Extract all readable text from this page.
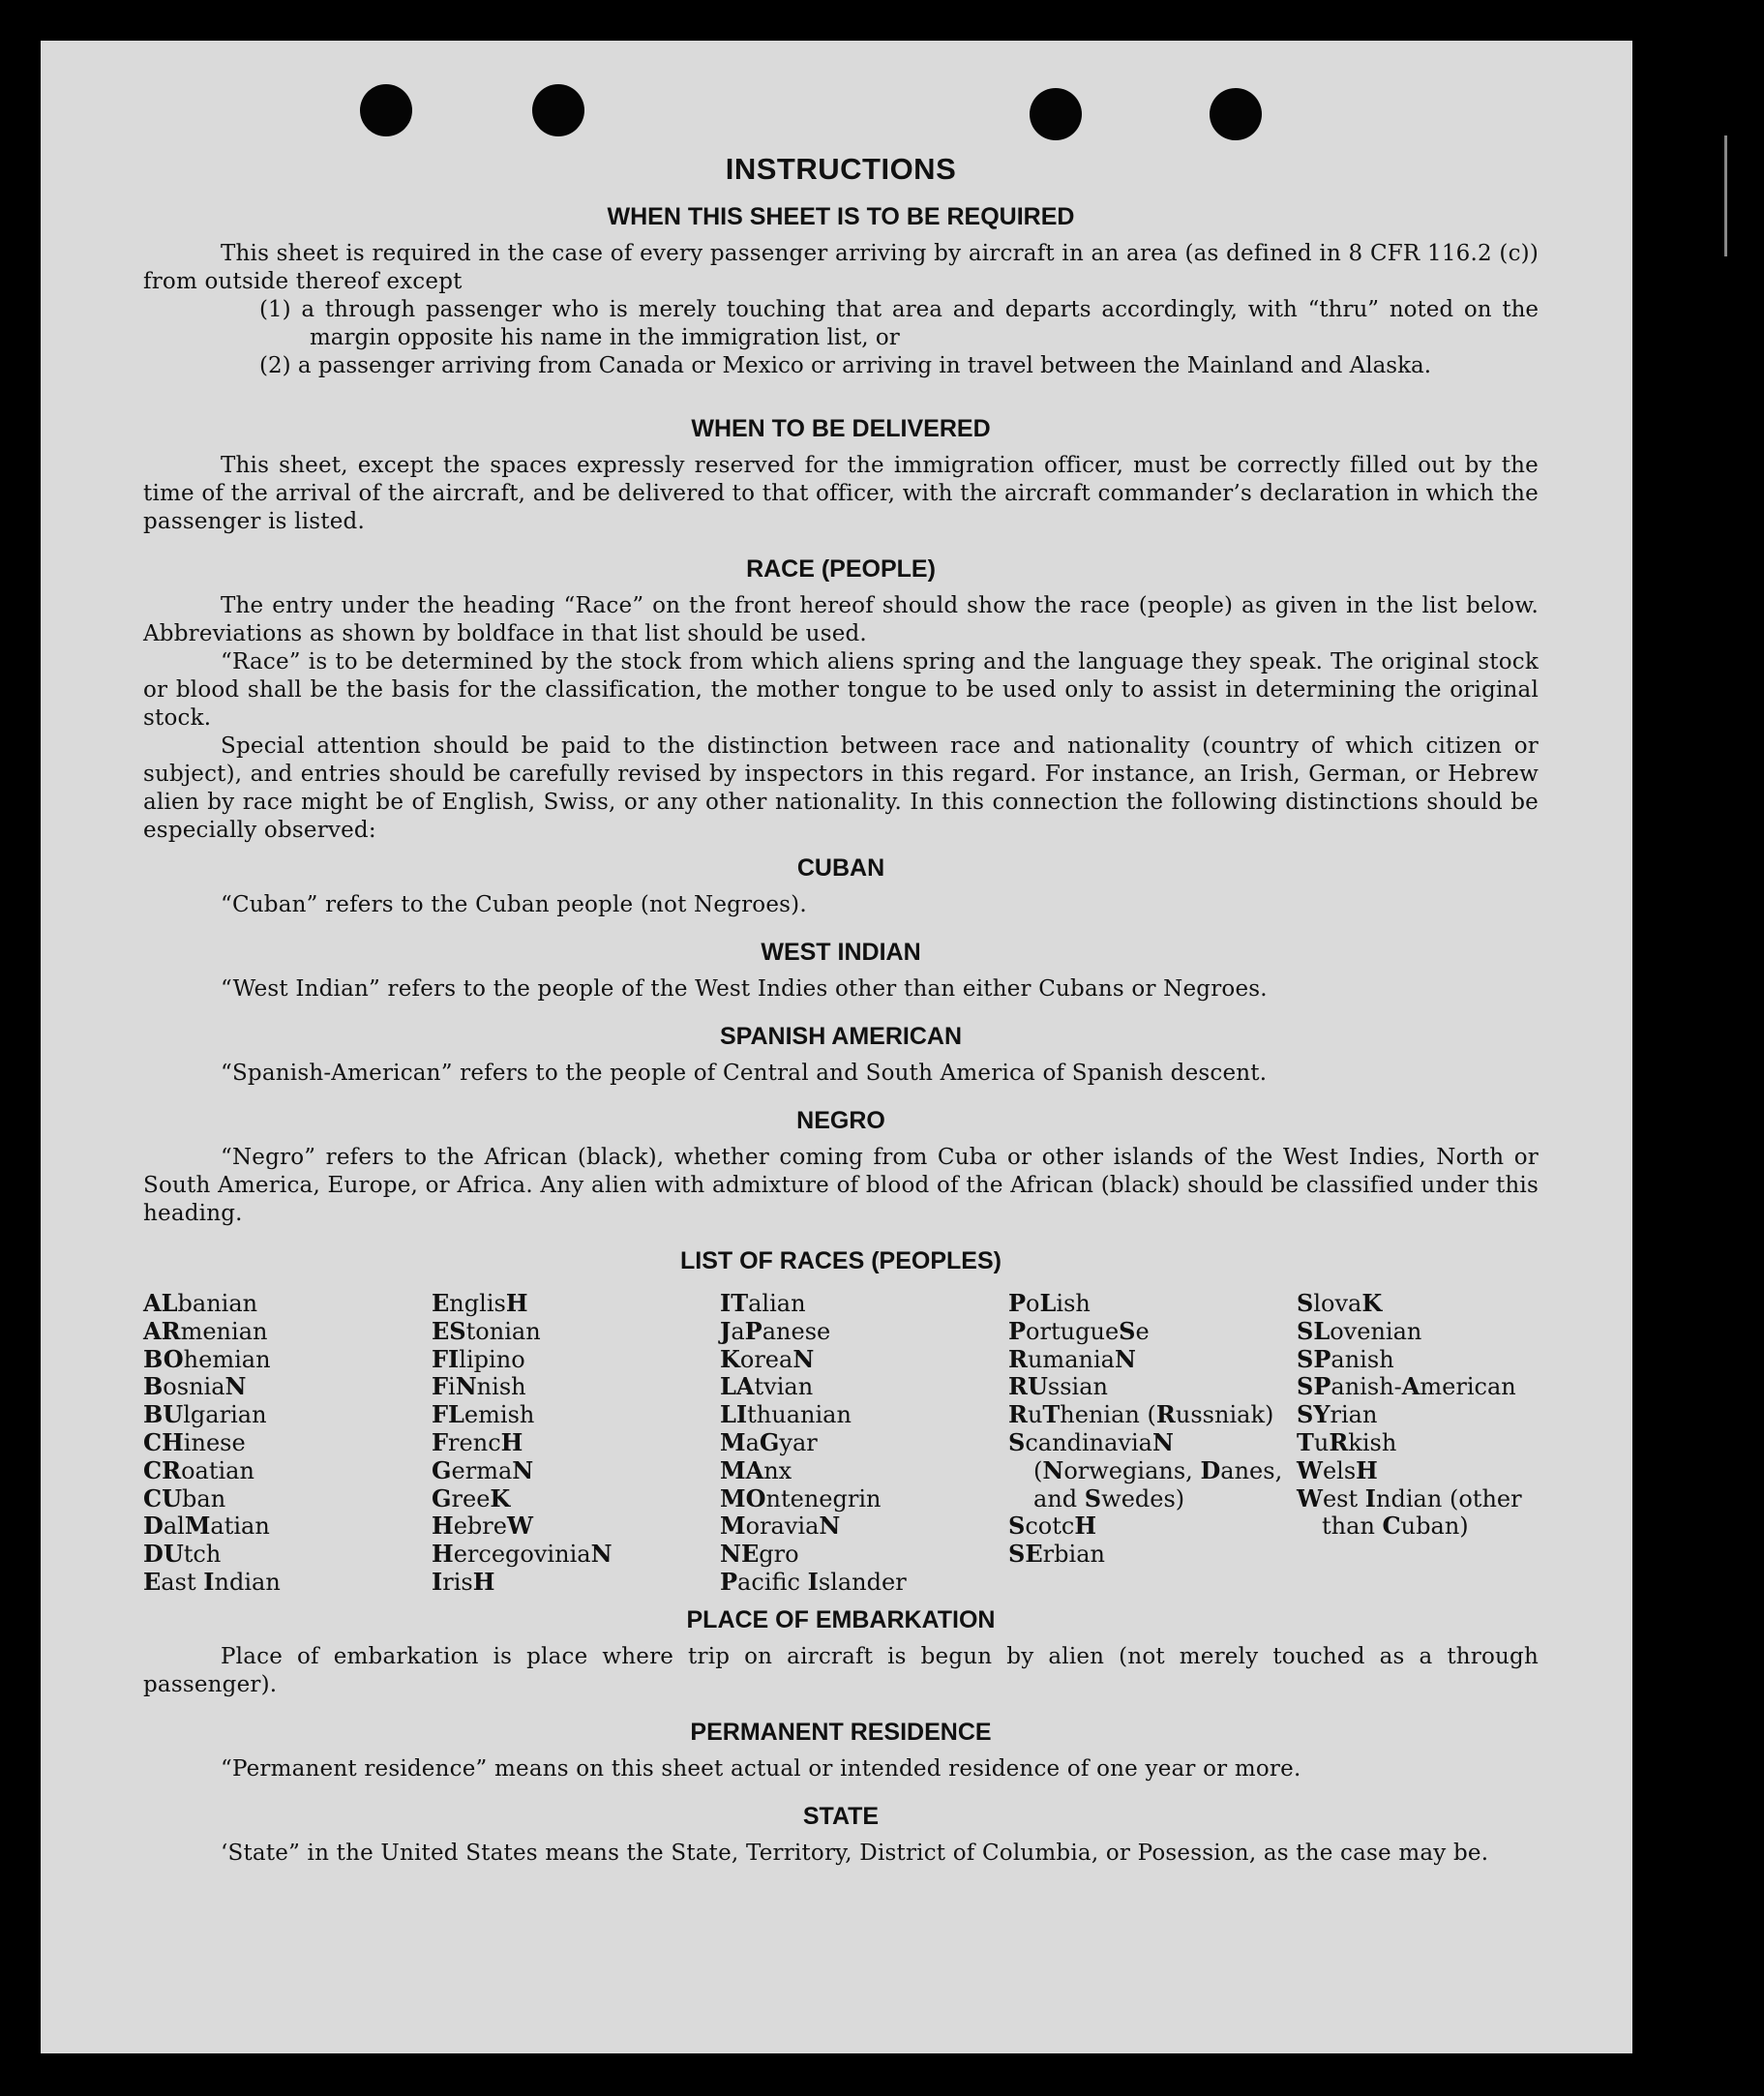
INSTRUCTIONS
WHEN THIS SHEET IS TO BE REQUIRED

This sheet is required in the case of every passenger arriving by aircraft in an area (as defined in 8 CFR 116.2 (c)) from outside thereof except

(1) a through passenger who is merely touching that area and departs accordingly, with “thru” noted on the margin opposite his name in the immigration list, or
(2) a passenger arriving from Canada or Mexico or arriving in travel between the Mainland and Alaska.
WHEN TO BE DELIVERED

This sheet, except the spaces expressly reserved for the immigration officer, must be correctly filled out by the time of the arrival of the aircraft, and be delivered to that officer, with the aircraft commander’s declaration in which the passenger is listed.

RACE (PEOPLE)

The entry under the heading “Race” on the front hereof should show the race (people) as given in the list below. Abbreviations as shown by boldface in that list should be used.

“Race” is to be determined by the stock from which aliens spring and the language they speak. The original stock or blood shall be the basis for the classification, the mother tongue to be used only to assist in determining the original stock.

Special attention should be paid to the distinction between race and nationality (country of which citizen or subject), and entries should be carefully revised by inspectors in this regard. For instance, an Irish, German, or Hebrew alien by race might be of English, Swiss, or any other nationality. In this connection the following distinctions should be especially observed:

CUBAN

“Cuban” refers to the Cuban people (not Negroes).

WEST INDIAN

“West Indian” refers to the people of the West Indies other than either Cubans or Negroes.

SPANISH AMERICAN

“Spanish-American” refers to the people of Central and South America of Spanish descent.

NEGRO

“Negro” refers to the African (black), whether coming from Cuba or other islands of the West Indies, North or South America, Europe, or Africa. Any alien with admixture of blood of the African (black) should be classified under this heading.

LIST OF RACES (PEOPLES)
ALbanian
ARmenian
BOhemian
BosniaN
BUlgarian
CHinese
CRoatian
CUban
DalMatian
DUtch
East Indian
EnglisH
EStonian
FIlipino
FiNnish
FLemish
FrencH
GermaN
GreeK
HebreW
HercegoviniaN
IrisH
ITalian
JaPanese
KoreaN
LAtvian
LIthuanian
MaGyar
MAnx
MOntenegrin
MoraviaN
NEgro
Pacifc Islander
PoLish
PortugueSe
RumaniaN
RUssian
RuThenian (Russniak)
ScandinaviaN (Norwegians, Danes, and Swedes)
ScotcH
SErbian
SlovaK
SLovenian
SPanish
SPanish-American
SYrian
TuRkish
WelsH
West Indian (other than Cuban)
PLACE OF EMBARKATION

Place of embarkation is place where trip on aircraft is begun by alien (not merely touched as a through passenger).

PERMANENT RESIDENCE

“Permanent residence” means on this sheet actual or intended residence of one year or more.

STATE

‘State” in the United States means the State, Territory, District of Columbia, or Posession, as the case may be.
